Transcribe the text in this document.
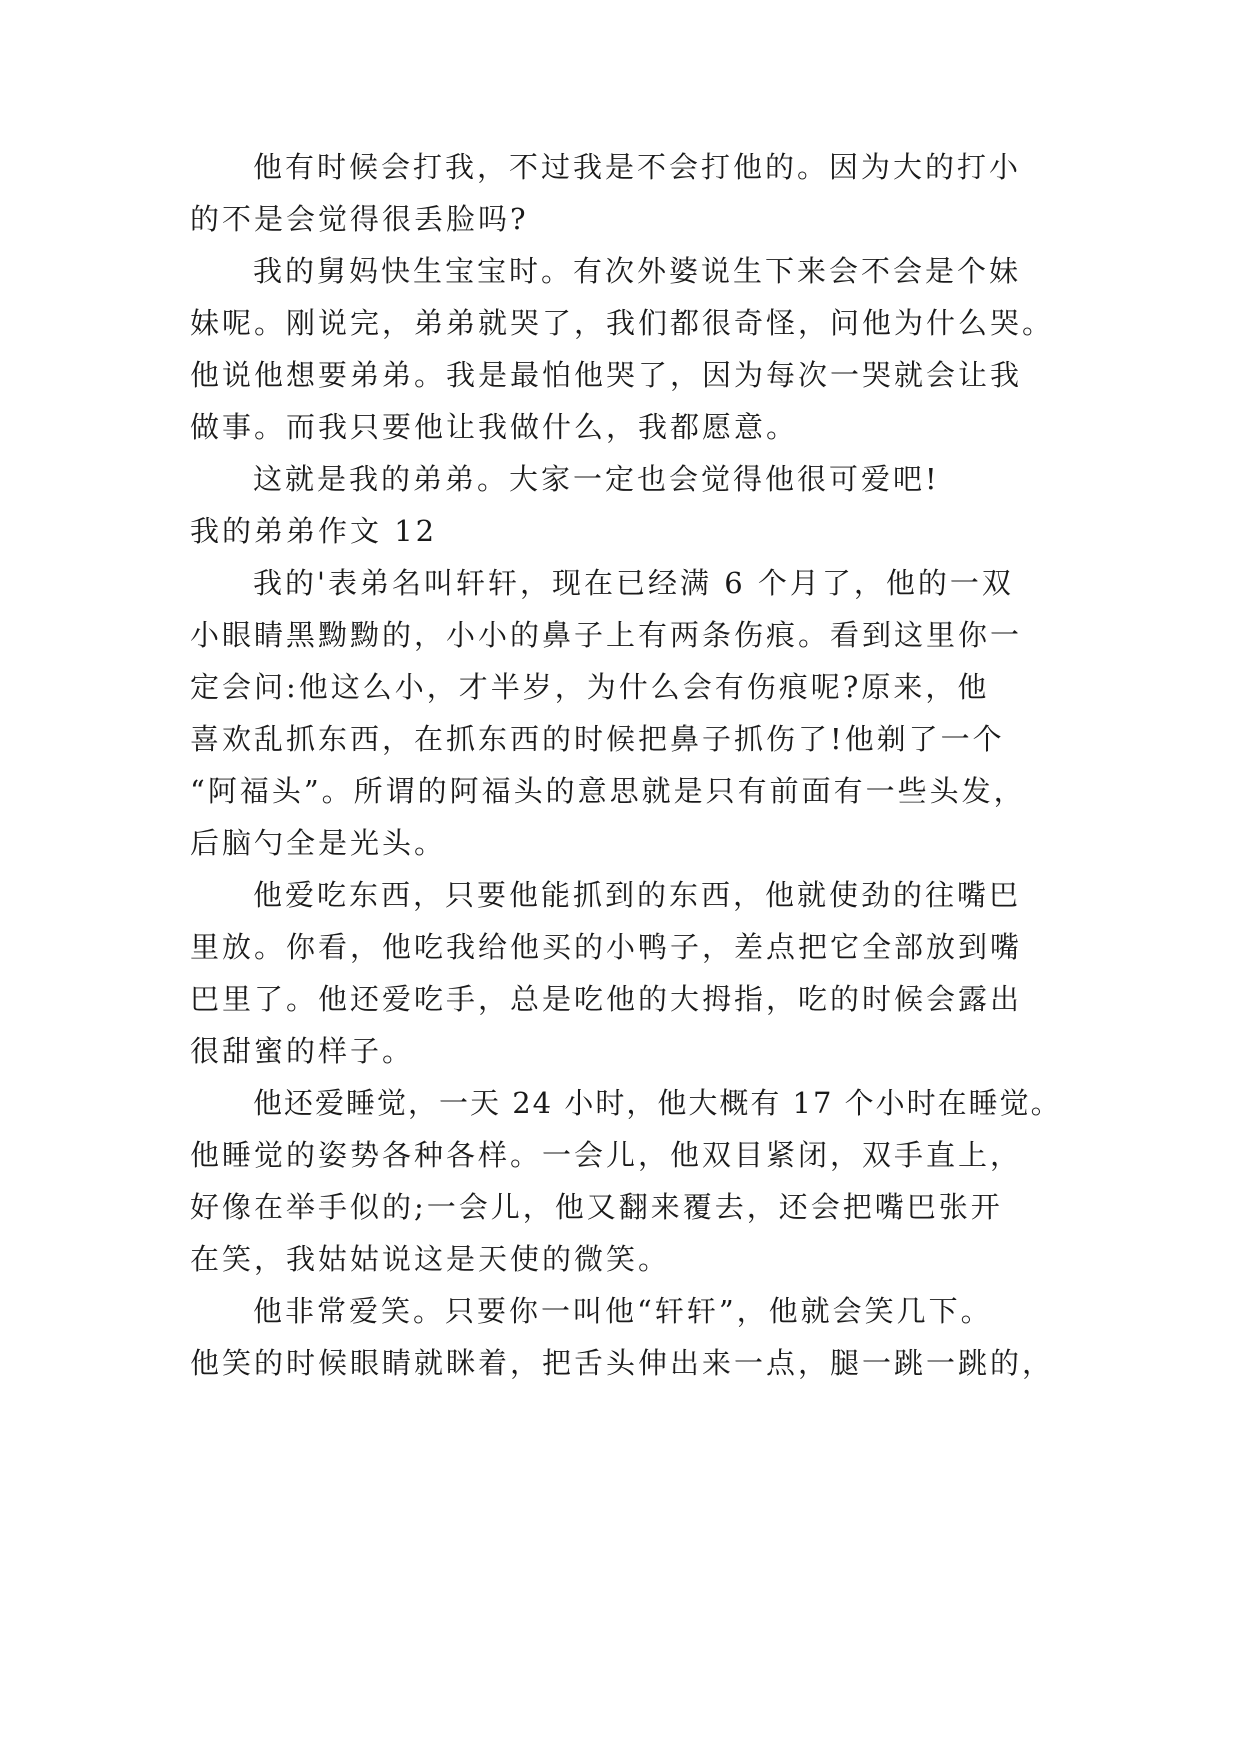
他有时候会打我，不过我是不会打他的。因为大的打小
的不是会觉得很丢脸吗?
我的舅妈快生宝宝时。有次外婆说生下来会不会是个妹
妹呢。刚说完，弟弟就哭了，我们都很奇怪，问他为什么哭。
他说他想要弟弟。我是最怕他哭了，因为每次一哭就会让我
做事。而我只要他让我做什么，我都愿意。
这就是我的弟弟。大家一定也会觉得他很可爱吧!
我的弟弟作文 12
我的'表弟名叫轩轩，现在已经满 6 个月了，他的一双
小眼睛黑黝黝的，小小的鼻子上有两条伤痕。看到这里你一
定会问:他这么小，才半岁，为什么会有伤痕呢?原来，他
喜欢乱抓东西，在抓东西的时候把鼻子抓伤了!他剃了一个
“阿福头”。所谓的阿福头的意思就是只有前面有一些头发，
后脑勺全是光头。
他爱吃东西，只要他能抓到的东西，他就使劲的往嘴巴
里放。你看，他吃我给他买的小鸭子，差点把它全部放到嘴
巴里了。他还爱吃手，总是吃他的大拇指，吃的时候会露出
很甜蜜的样子。
他还爱睡觉，一天 24 小时，他大概有 17 个小时在睡觉。
他睡觉的姿势各种各样。一会儿，他双目紧闭，双手直上，
好像在举手似的;一会儿，他又翻来覆去，还会把嘴巴张开
在笑，我姑姑说这是天使的微笑。
他非常爱笑。只要你一叫他“轩轩”，他就会笑几下。
他笑的时候眼睛就眯着，把舌头伸出来一点，腿一跳一跳的，
